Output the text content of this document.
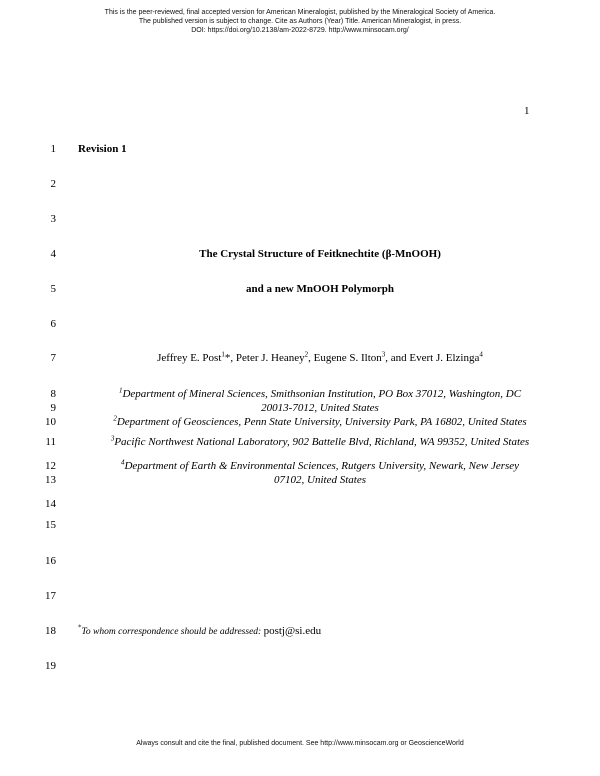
This is the peer-reviewed, final accepted version for American Mineralogist, published by the Mineralogical Society of America.
The published version is subject to change. Cite as Authors (Year) Title. American Mineralogist, in press.
DOI: https://doi.org/10.2138/am-2022-8729. http://www.minsocam.org/
1
1
2
3
4
5
6
7
8
9
10
11
12
13
14
15
16
17
18
19
Revision 1
The Crystal Structure of Feitknechtite (β-MnOOH)
and a new MnOOH Polymorph
Jeffrey E. Post$^1$*, Peter J. Heaney$^2$, Eugene S. Ilton$^3$, and Evert J. Elzinga$^4$
$^1$Department of Mineral Sciences, Smithsonian Institution, PO Box 37012, Washington, DC
20013-7012, United States
$^2$Department of Geosciences, Penn State University, University Park, PA 16802, United States
$^3$Pacific Northwest National Laboratory, 902 Battelle Blvd, Richland, WA 99352, United States
$^4$Department of Earth & Environmental Sciences, Rutgers University, Newark, New Jersey
07102, United States
*To whom correspondence should be addressed: postj@si.edu
Always consult and cite the final, published document. See http://www.minsocam.org or GeoscienceWorld
